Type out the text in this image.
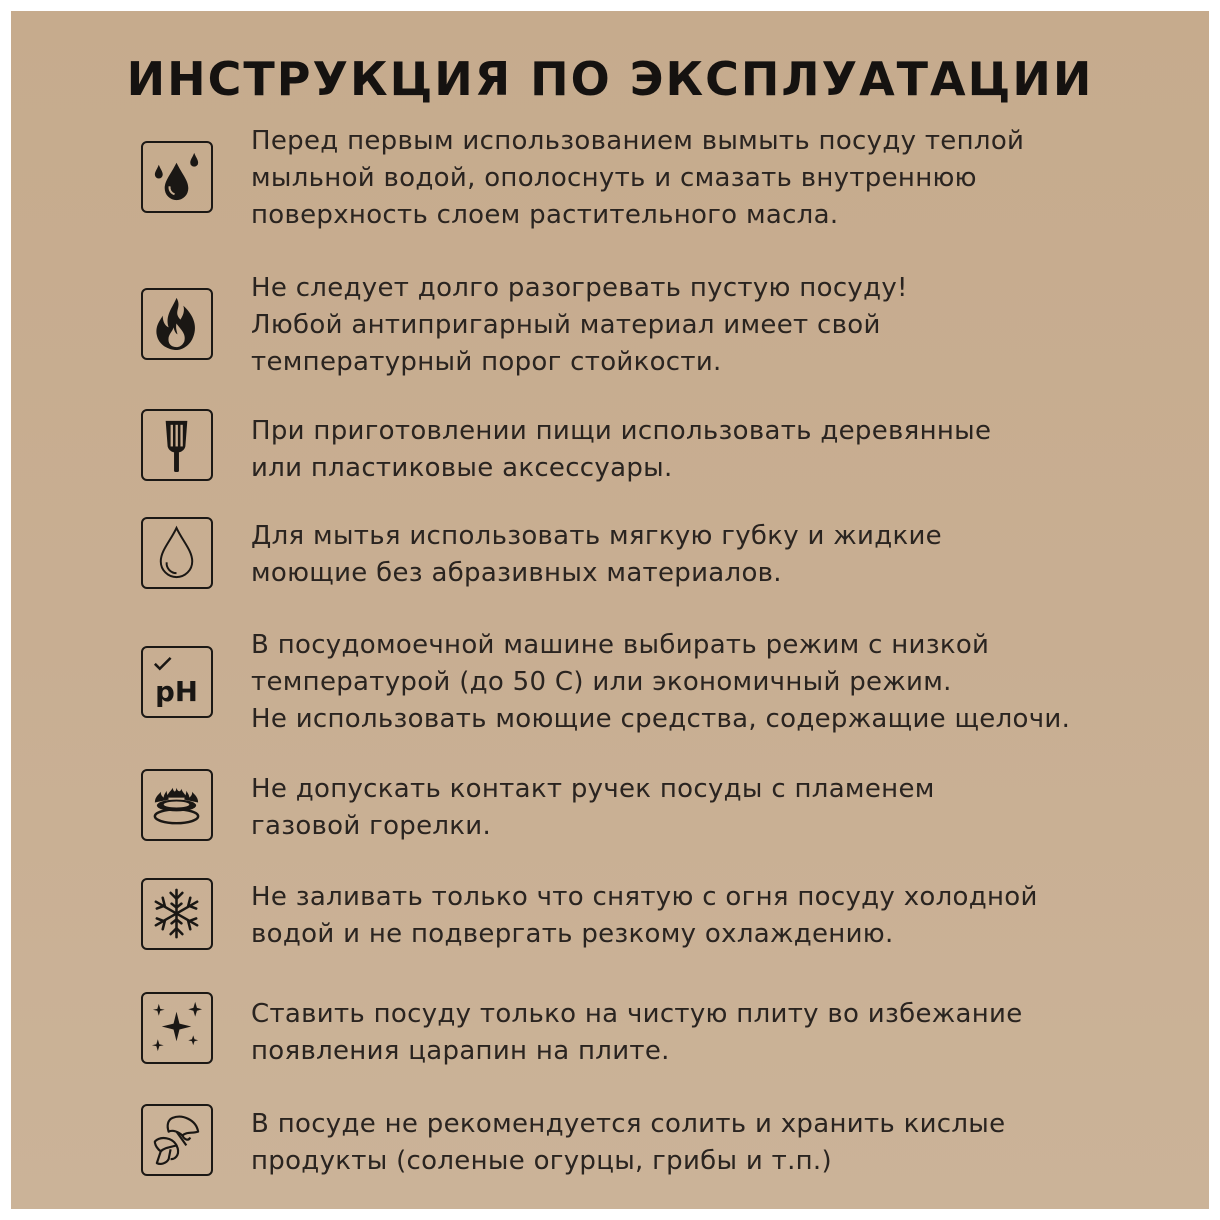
ИНСТРУКЦИЯ ПО ЭКСПЛУАТАЦИИ
Перед первым использованием вымыть посуду теплой
мыльной водой, ополоснуть и смазать внутреннюю
поверхность слоем растительного масла.
Не следует долго разогревать пустую посуду!
Любой антипригарный материал имеет свой
температурный порог стойкости.
При приготовлении пищи использовать деревянные
или пластиковые аксессуары.
Для мытья использовать мягкую губку и жидкие
моющие без абразивных материалов.
pH
В посудомоечной машине выбирать режим с низкой
температурой (до 50 С) или экономичный режим.
Не использовать моющие средства, содержащие щелочи.
Не допускать контакт ручек посуды с пламенем
газовой горелки.
Не заливать только что снятую с огня посуду холодной
водой и не подвергать резкому охлаждению.
Ставить посуду только на чистую плиту во избежание
появления царапин на плите.
В посуде не рекомендуется солить и хранить кислые
продукты (соленые огурцы, грибы и т.п.)
